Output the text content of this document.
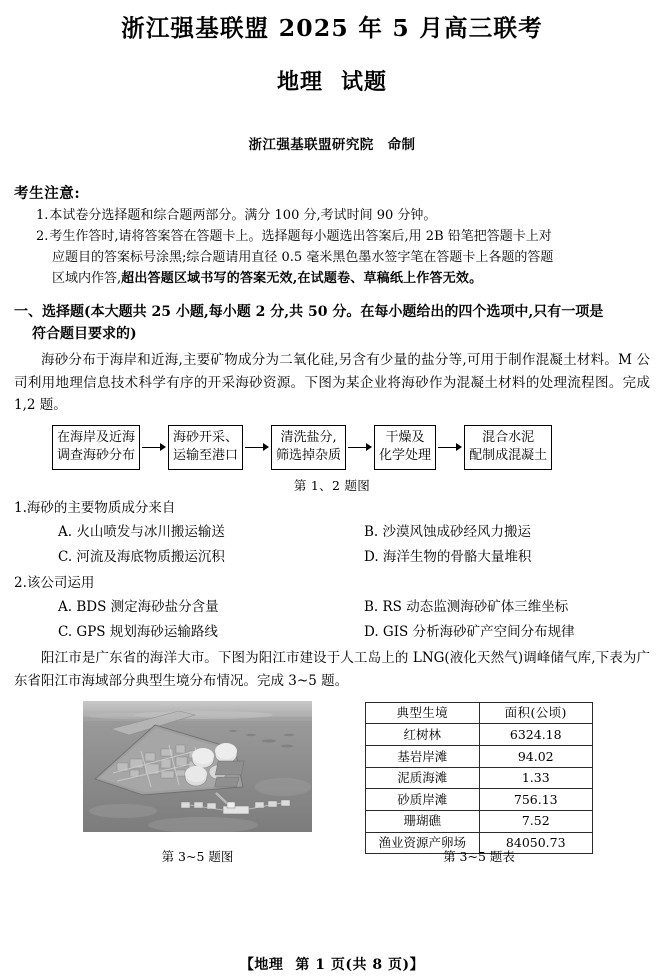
浙江强基联盟 2025 年 5 月高三联考
地理 试题

浙江强基联盟研究院 命制

考生注意:

1.本试卷分选择题和综合题两部分。满分 100 分,考试时间 90 分钟。

2.考生作答时,请将答案答在答题卡上。选择题每小题选出答案后,用 2B 铅笔把答题卡上对

应题目的答案标号涂黑;综合题请用直径 0.5 毫米黑色墨水签字笔在答题卡上各题的答题

区域内作答,超出答题区域书写的答案无效,在试题卷、草稿纸上作答无效。

一、选择题(本大题共 25 小题,每小题 2 分,共 50 分。在每小题给出的四个选项中,只有一项是
符合题目要求的)

海砂分布于海岸和近海,主要矿物成分为二氧化硅,另含有少量的盐分等,可用于制作混凝土材料。M 公司利用地理信息技术科学有序的开采海砂资源。下图为某企业将海砂作为混凝土材料的处理流程图。完成 1,2 题。

在海岸及近海
调查海砂分布
海砂开采、
运输至港口
清洗盐分,
筛选掉杂质
干燥及
化学处理
混合水泥
配制成混凝土
第 1、2 题图

1.海砂的主要物质成分来自

A. 火山喷发与冰川搬运输送	B. 沙漠风蚀成砂经风力搬运
C. 河流及海底物质搬运沉积	D. 海洋生物的骨骼大量堆积

2.该公司运用

A. BDS 测定海砂盐分含量	B. RS 动态监测海砂矿体三维坐标
C. GPS 规划海砂运输路线	D. GIS 分析海砂矿产空间分布规律

阳江市是广东省的海洋大市。下图为阳江市建设于人工岛上的 LNG(液化天然气)调峰储气库,下表为广东省阳江市海域部分典型生境分布情况。完成 3~5 题。

典型生境	面积(公顷)
红树林	6324.18
基岩岸滩	94.02
泥质海滩	1.33
砂质岸滩	756.13
珊瑚礁	7.52
渔业资源产卵场	84050.73
第 3~5 题图	第 3~5 题表
【地理 第 1 页(共 8 页)】
